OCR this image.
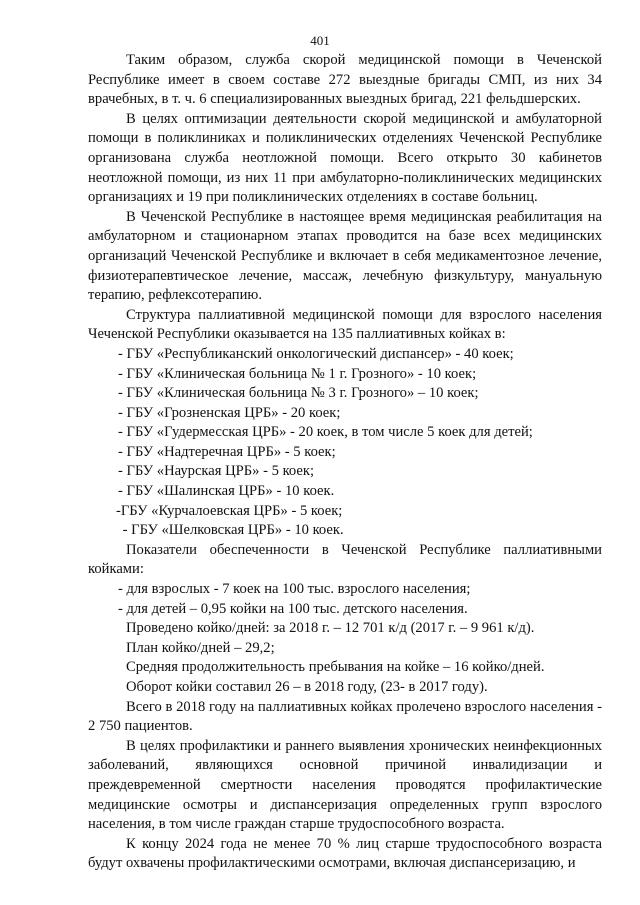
401

Таким образом, служба скорой медицинской помощи в Чеченской Республике имеет в своем составе 272 выездные бригады СМП, из них 34 врачебных, в т. ч. 6 специализированных выездных бригад, 221 фельдшерских.

В целях оптимизации деятельности скорой медицинской и амбулаторной помощи в поликлиниках и поликлинических отделениях Чеченской Республике организована служба неотложной помощи. Всего открыто 30 кабинетов неотложной помощи, из них 11 при амбулаторно-поликлинических медицинских организациях и 19 при поликлинических отделениях в составе больниц.

В Чеченской Республике в настоящее время медицинская реабилитация на амбулаторном и стационарном этапах проводится на базе всех медицинских организаций Чеченской Республике и включает в себя медикаментозное лечение, физиотерапевтическое лечение, массаж, лечебную физкультуру, мануальную терапию, рефлексотерапию.

Структура паллиативной медицинской помощи для взрослого населения Чеченской Республики оказывается на 135 паллиативных койках в:

- ГБУ «Республиканский онкологический диспансер» - 40 коек;

- ГБУ «Клиническая больница № 1 г. Грозного» - 10 коек;

- ГБУ «Клиническая больница № 3 г. Грозного» – 10 коек;

- ГБУ «Грозненская ЦРБ» - 20 коек;

- ГБУ «Гудермесская ЦРБ» - 20 коек, в том числе 5 коек для детей;

- ГБУ «Надтеречная ЦРБ» - 5 коек;

- ГБУ «Наурская ЦРБ» - 5 коек;

- ГБУ «Шалинская ЦРБ» - 10 коек.

-ГБУ «Курчалоевская ЦРБ» - 5 коек;

- ГБУ «Шелковская ЦРБ» - 10 коек.

Показатели обеспеченности в Чеченской Республике паллиативными койками:

- для взрослых - 7 коек на 100 тыс. взрослого населения;

- для детей – 0,95 койки на 100 тыс. детского населения.

Проведено койко/дней: за 2018 г. – 12 701 к/д (2017 г. – 9 961 к/д).

План койко/дней – 29,2;

Средняя продолжительность пребывания на койке – 16 койко/дней.

Оборот койки составил 26 – в 2018 году, (23- в 2017 году).

Всего в 2018 году на паллиативных койках пролечено взрослого населения - 2 750 пациентов.

В целях профилактики и раннего выявления хронических неинфекционных заболеваний, являющихся основной причиной инвалидизации и преждевременной смертности населения проводятся профилактические медицинские осмотры и диспансеризация определенных групп взрослого населения, в том числе граждан старше трудоспособного возраста.

К концу 2024 года не менее 70 % лиц старше трудоспособного возраста будут охвачены профилактическими осмотрами, включая диспансеризацию, и
